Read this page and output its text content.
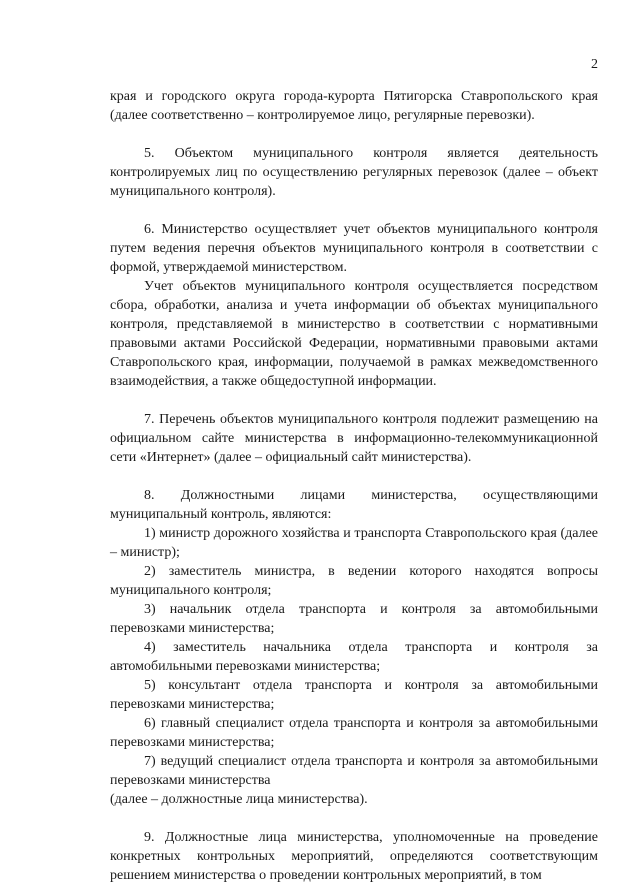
2

края и городского округа города-курорта Пятигорска Ставропольского края (далее соответственно – контролируемое лицо, регулярные перевозки).

5. Объектом муниципального контроля является деятельность контролируемых лиц по осуществлению регулярных перевозок (далее – объект муниципального контроля).

6. Министерство осуществляет учет объектов муниципального контроля путем ведения перечня объектов муниципального контроля в соответствии с формой, утверждаемой министерством.

Учет объектов муниципального контроля осуществляется посредством сбора, обработки, анализа и учета информации об объектах муниципального контроля, представляемой в министерство в соответствии с нормативными правовыми актами Российской Федерации, нормативными правовыми актами Ставропольского края, информации, получаемой в рамках межведомственного взаимодействия, а также общедоступной информации.

7. Перечень объектов муниципального контроля подлежит размещению на официальном сайте министерства в информационно-телекоммуникационной сети «Интернет» (далее – официальный сайт министерства).

8. Должностными лицами министерства, осуществляющими муниципальный контроль, являются:

1) министр дорожного хозяйства и транспорта Ставропольского края (далее – министр);

2) заместитель министра, в ведении которого находятся вопросы муниципального контроля;

3) начальник отдела транспорта и контроля за автомобильными перевозками министерства;

4) заместитель начальника отдела транспорта и контроля за автомобильными перевозками министерства;

5) консультант отдела транспорта и контроля за автомобильными перевозками министерства;

6) главный специалист отдела транспорта и контроля за автомобильными перевозками министерства;

7) ведущий специалист отдела транспорта и контроля за автомобильными перевозками министерства

(далее – должностные лица министерства).

9. Должностные лица министерства, уполномоченные на проведение конкретных контрольных мероприятий, определяются соответствующим решением министерства о проведении контрольных мероприятий, в том
